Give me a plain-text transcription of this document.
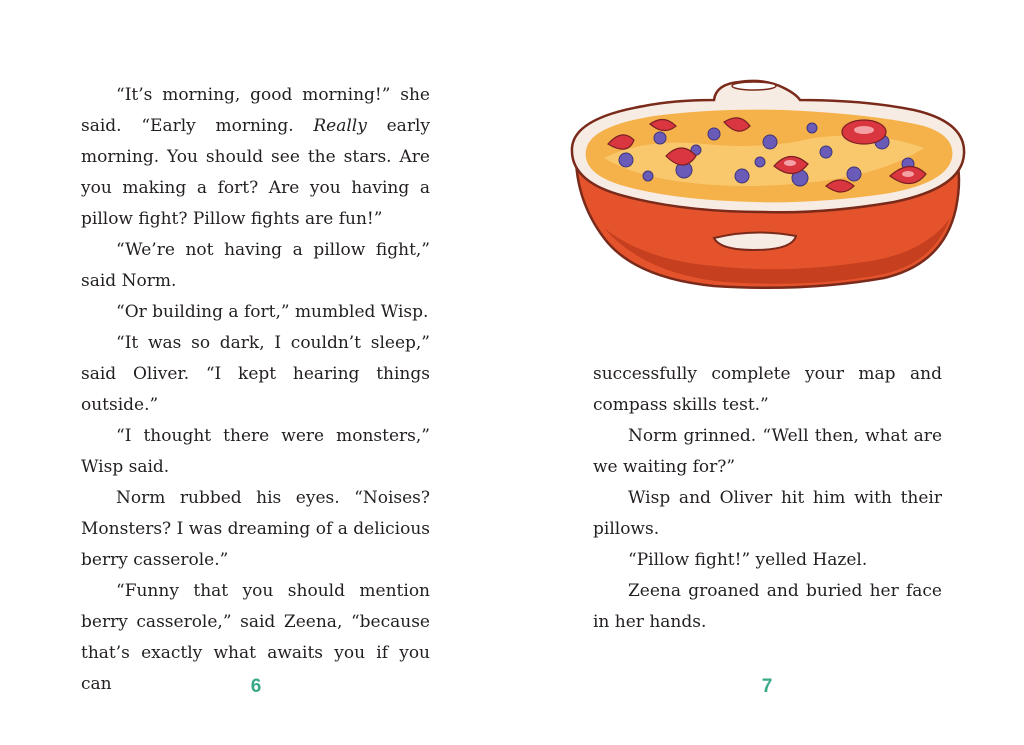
“It’s morning, good morning!” she said. “Early morning. Really early morning. You should see the stars. Are you making a fort? Are you having a pillow fight? Pillow fights are fun!”

“We’re not having a pillow fight,” said Norm.

“Or building a fort,” mumbled Wisp.

“It was so dark, I couldn’t sleep,” said Oliver. “I kept hearing things outside.”

“I thought there were monsters,” Wisp said.

Norm rubbed his eyes. “Noises? Monsters? I was dreaming of a delicious berry casserole.”

“Funny that you should mention berry casserole,” said Zeena, “because that’s exactly what awaits you if you can	6

successfully complete your map and compass skills test.”

Norm grinned. “Well then, what are we waiting for?”

Wisp and Oliver hit him with their pillows.

“Pillow fight!” yelled Hazel.

Zeena groaned and buried her face in her hands.

7
